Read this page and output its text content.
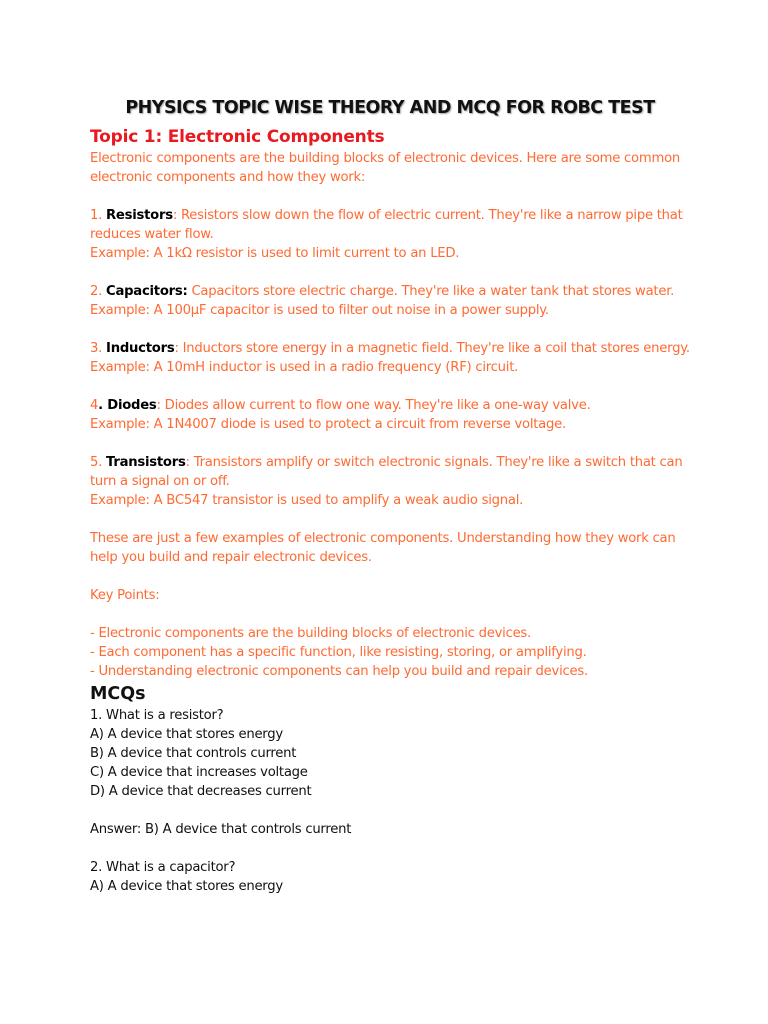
PHYSICS TOPIC WISE THEORY AND MCQ FOR ROBC TEST
Topic 1: Electronic Components

Electronic components are the building blocks of electronic devices. Here are some common electronic components and how they work:

1. Resistors: Resistors slow down the flow of electric current. They're like a narrow pipe that reduces water flow.

Example: A 1kΩ resistor is used to limit current to an LED.

2. Capacitors: Capacitors store electric charge. They're like a water tank that stores water.

Example: A 100μF capacitor is used to filter out noise in a power supply.

3. Inductors: Inductors store energy in a magnetic field. They're like a coil that stores energy.

Example: A 10mH inductor is used in a radio frequency (RF) circuit.

4. Diodes: Diodes allow current to flow one way. They're like a one-way valve.

Example: A 1N4007 diode is used to protect a circuit from reverse voltage.

5. Transistors: Transistors amplify or switch electronic signals. They're like a switch that can turn a signal on or off.

Example: A BC547 transistor is used to amplify a weak audio signal.

These are just a few examples of electronic components. Understanding how they work can help you build and repair electronic devices.

Key Points:

- Electronic components are the building blocks of electronic devices.

- Each component has a specific function, like resisting, storing, or amplifying.

- Understanding electronic components can help you build and repair devices.

MCQs

1. What is a resistor?

A) A device that stores energy

B) A device that controls current

C) A device that increases voltage

D) A device that decreases current

Answer: B) A device that controls current

2. What is a capacitor?

A) A device that stores energy
